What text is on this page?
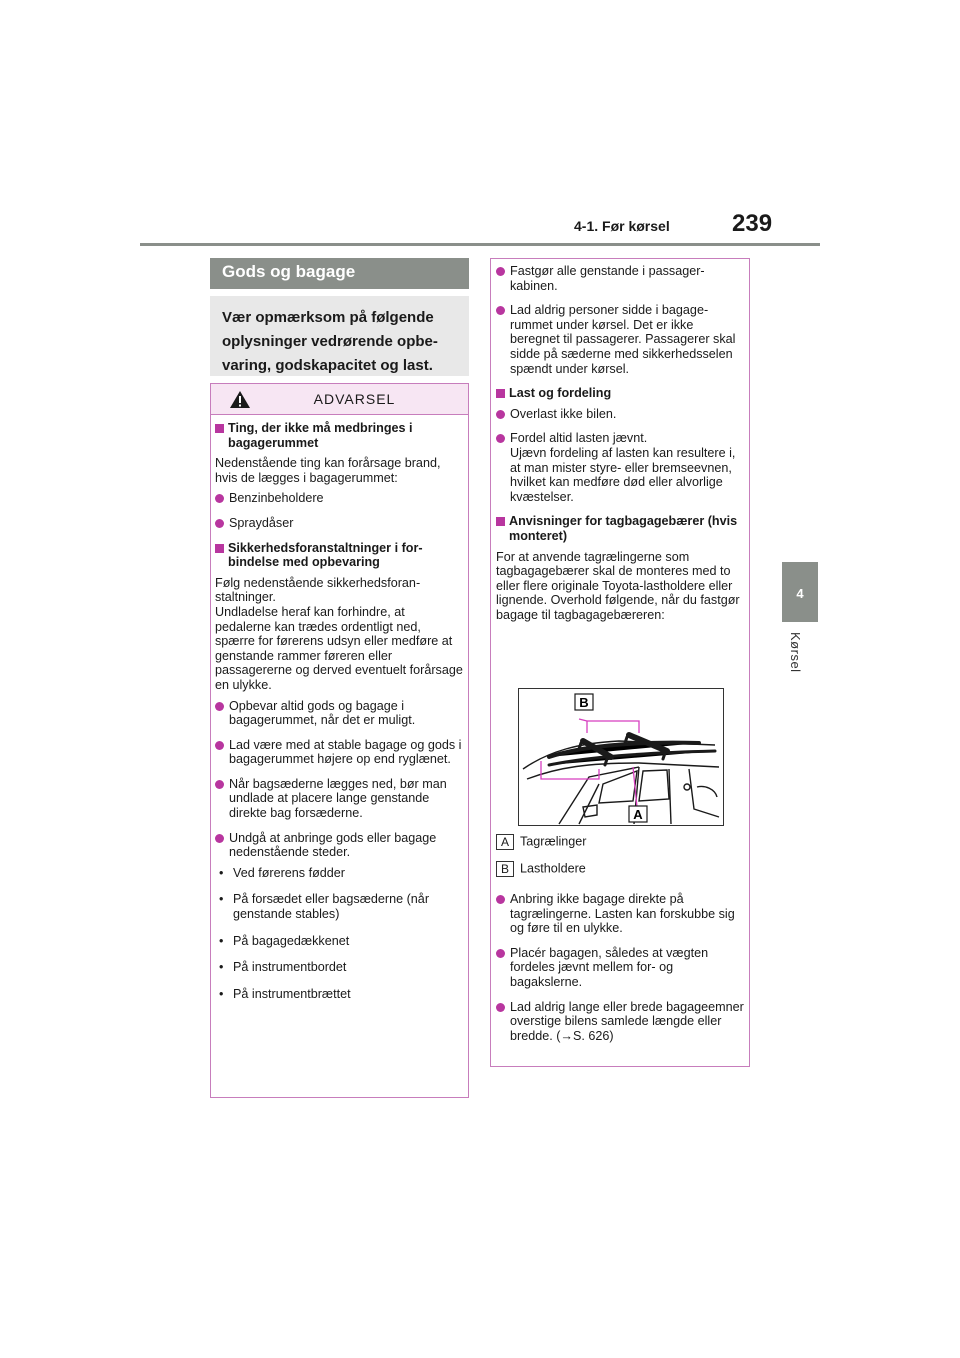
4-1. Før kørsel	239
4
Kørsel
Gods og bagage
Vær opmærksom på følgende oplysninger vedrørende opbevaring, godskapacitet og last.
ADVARSEL
Ting, der ikke må medbringes i bagagerummet
Nedenstående ting kan forårsage brand, hvis de lægges i bagagerummet:
Benzinbeholdere
Spraydåser
Sikkerhedsforanstaltninger i forbindelse med opbevaring
Følg nedenstående sikkerhedsforanstaltninger.
Undladelse heraf kan forhindre, at pedalerne kan trædes ordentligt ned, spærre for førerens udsyn eller medføre at genstande rammer føreren eller passagererne og derved eventuelt forårsage en ulykke.
Opbevar altid gods og bagage i bagagerummet, når det er muligt.
Lad være med at stable bagage og gods i bagagerummet højere op end ryglænet.
Når bagsæderne lægges ned, bør man undlade at placere lange genstande direkte bag forsæderne.
Undgå at anbringe gods eller bagage nedenstående steder.
• Ved førerens fødder
• På forsædet eller bagsæderne (når genstande stables)
• På bagagedækkenet
• På instrumentbordet
• På instrumentbrættet
Fastgør alle genstande i passagerkabinen.
Lad aldrig personer sidde i bagagerummet under kørsel. Det er ikke beregnet til passagerer. Passagerer skal sidde på sæderne med sikkerhedsselen spændt under kørsel.
Last og fordeling
Overlast ikke bilen.
Fordel altid lasten jævnt.
Ujævn fordeling af lasten kan resultere i, at man mister styre- eller bremseevnen, hvilket kan medføre død eller alvorlige kvæstelser.
Anvisninger for tagbagagebærer (hvis monteret)
For at anvende tagrælingerne som tagbagagebærer skal de monteres med to eller flere originale Toyota-lastholdere eller lignende. Overhold følgende, når du fastgør bagage til tagbagagebæreren:
B
A
A Tagrælinger
B Lastholdere
Anbring ikke bagage direkte på tagrælingerne. Lasten kan forskubbe sig og føre til en ulykke.
Placér bagagen, således at vægten fordeles jævnt mellem for- og bagakslerne.
Lad aldrig lange eller brede bagageemner overstige bilens samlede længde eller bredde. (→S. 626)
